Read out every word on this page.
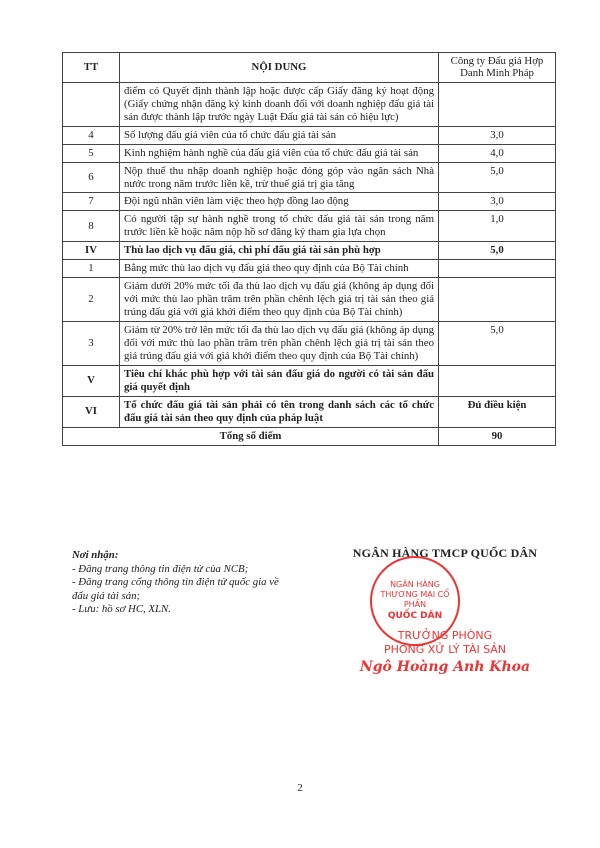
TT	NỘI DUNG	Công ty Đấu giá Hợp Danh Minh Pháp
	điểm có Quyết định thành lập hoặc được cấp Giấy đăng ký hoạt động (Giấy chứng nhận đăng ký kinh doanh đối với doanh nghiệp đấu giá tài sản được thành lập trước ngày Luật Đấu giá tài sản có hiệu lực)	
4	Số lượng đấu giá viên của tổ chức đấu giá tài sản	3,0
5	Kinh nghiệm hành nghề của đấu giá viên của tổ chức đấu giá tài sản	4,0
6	Nộp thuế thu nhập doanh nghiệp hoặc đóng góp vào ngân sách Nhà nước trong năm trước liền kề, trừ thuế giá trị gia tăng	5,0
7	Đội ngũ nhân viên làm việc theo hợp đồng lao động	3,0
8	Có người tập sự hành nghề trong tổ chức đấu giá tài sản trong năm trước liền kề hoặc năm nộp hồ sơ đăng ký tham gia lựa chọn	1,0
IV	Thù lao dịch vụ đấu giá, chi phí đấu giá tài sản phù hợp	5,0
1	Bằng mức thù lao dịch vụ đấu giá theo quy định của Bộ Tài chính	
2	Giảm dưới 20% mức tối đa thù lao dịch vụ đấu giá (không áp dụng đối với mức thù lao phần trăm trên phần chênh lệch giá trị tài sản theo giá trúng đấu giá với giá khởi điểm theo quy định của Bộ Tài chính)	
3	Giảm từ 20% trở lên mức tối đa thù lao dịch vụ đấu giá (không áp dụng đối với mức thù lao phần trăm trên phần chênh lệch giá trị tài sản theo giá trúng đấu giá với giá khởi điểm theo quy định của Bộ Tài chính)	5,0
V	Tiêu chí khác phù hợp với tài sản đấu giá do người có tài sản đấu giá quyết định	
VI	Tổ chức đấu giá tài sản phải có tên trong danh sách các tổ chức đấu giá tài sản theo quy định của pháp luật	Đủ điều kiện
Tổng số điểm		90
Nơi nhận:
- Đăng trang thông tin điện tử của NCB;
- Đăng trang cổng thông tin điện tử quốc gia về đấu giá tài sản;
- Lưu: hồ sơ HC, XLN.
NGÂN HÀNG TMCP QUỐC DÂN
NGÂN HÀNG
THƯƠNG MẠI CỔ PHẦN
QUỐC DÂN
TRƯỞNG PHÒNG
PHÒNG XỬ LÝ TÀI SẢN
Ngô Hoàng Anh Khoa
2
